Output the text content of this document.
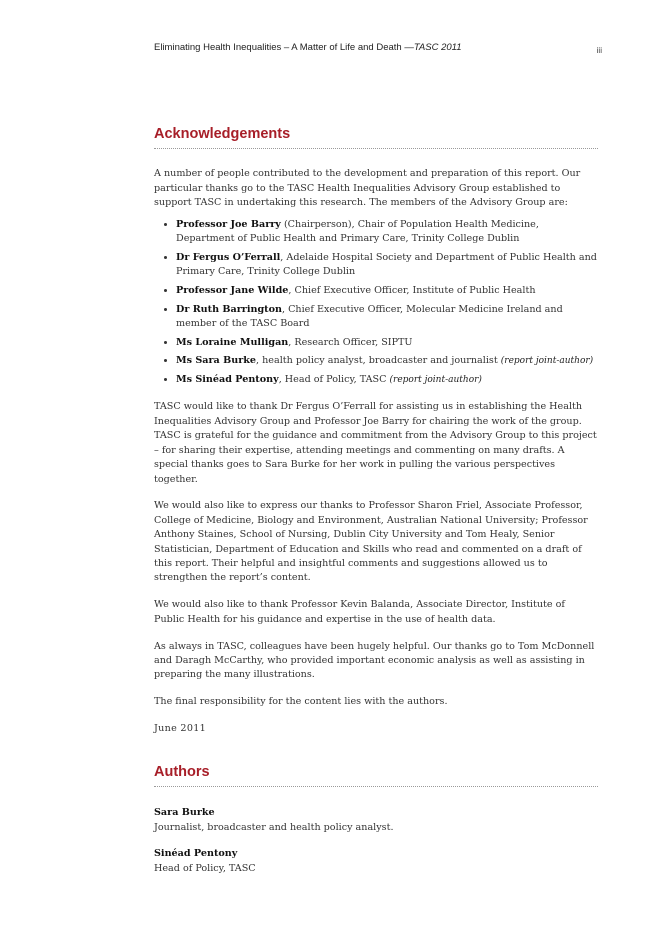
Eliminating Health Inequalities – A Matter of Life and Death —TASC 2011	iii
Acknowledgements

A number of people contributed to the development and preparation of this report. Our particular thanks go to the TASC Health Inequalities Advisory Group established to support TASC in undertaking this research. The members of the Advisory Group are:

• Professor Joe Barry (Chairperson), Chair of Population Health Medicine, Department of Public Health and Primary Care, Trinity College Dublin
• Dr Fergus O’Ferrall, Adelaide Hospital Society and Department of Public Health and Primary Care, Trinity College Dublin
• Professor Jane Wilde, Chief Executive Officer, Institute of Public Health
• Dr Ruth Barrington, Chief Executive Officer, Molecular Medicine Ireland and member of the TASC Board
• Ms Loraine Mulligan, Research Officer, SIPTU
• Ms Sara Burke, health policy analyst, broadcaster and journalist (report joint-author)
• Ms Sinéad Pentony, Head of Policy, TASC (report joint-author)

TASC would like to thank Dr Fergus O’Ferrall for assisting us in establishing the Health Inequalities Advisory Group and Professor Joe Barry for chairing the work of the group. TASC is grateful for the guidance and commitment from the Advisory Group to this project – for sharing their expertise, attending meetings and commenting on many drafts. A special thanks goes to Sara Burke for her work in pulling the various perspectives together.

We would also like to express our thanks to Professor Sharon Friel, Associate Professor, College of Medicine, Biology and Environment, Australian National University; Professor Anthony Staines, School of Nursing, Dublin City University and Tom Healy, Senior Statistician, Department of Education and Skills who read and commented on a draft of this report. Their helpful and insightful comments and suggestions allowed us to strengthen the report’s content.

We would also like to thank Professor Kevin Balanda, Associate Director, Institute of Public Health for his guidance and expertise in the use of health data.

As always in TASC, colleagues have been hugely helpful. Our thanks go to Tom McDonnell and Daragh McCarthy, who provided important economic analysis as well as assisting in preparing the many illustrations.

The final responsibility for the content lies with the authors.

June 2011

Authors
Sara Burke
Journalist, broadcaster and health policy analyst.
Sinéad Pentony
Head of Policy, TASC
